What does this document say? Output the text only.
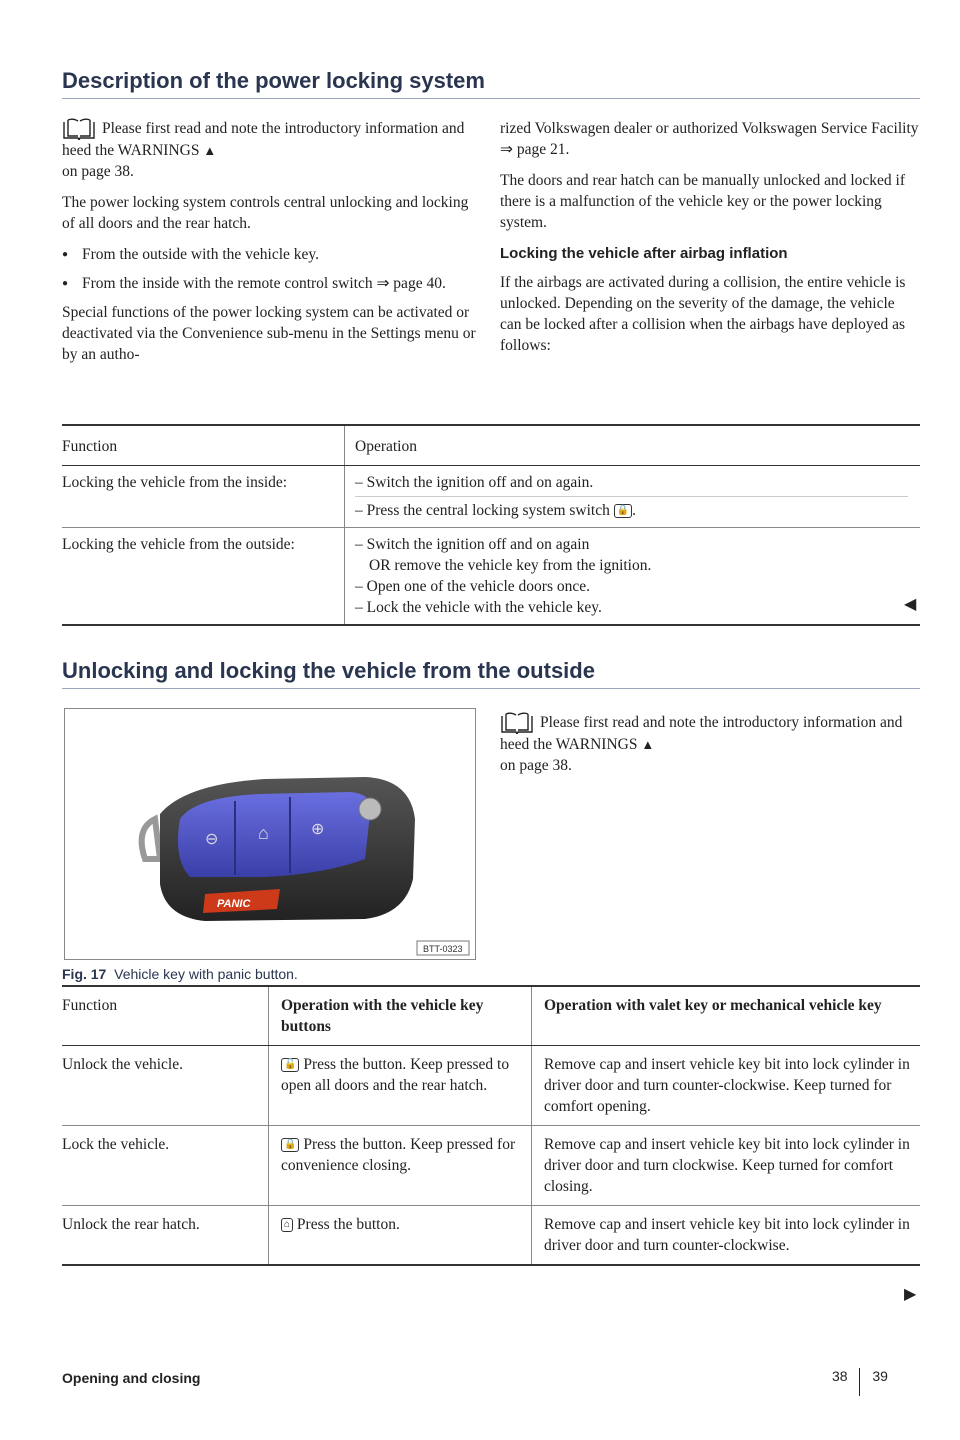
Description of the power locking system

Please first read and note the introductory information and heed the WARNINGS ▲
on page 38.

The power locking system controls central unlocking and locking of all doors and the rear hatch.

● From the outside with the vehicle key.
● From the inside with the remote control switch ⇒ page 40.

Special functions of the power locking system can be activated or deactivated via the Convenience sub-menu in the Settings menu or by an autho-

rized Volkswagen dealer or authorized Volkswagen Service Facility ⇒ page 21.

The doors and rear hatch can be manually unlocked and locked if there is a malfunction of the vehicle key or the power locking system.

Locking the vehicle after airbag inflation

If the airbags are activated during a collision, the entire vehicle is unlocked. Depending on the severity of the damage, the vehicle can be locked after a collision when the airbags have deployed as follows:

Function	Operation
Locking the vehicle from the inside:	– Switch the ignition off and on again.
– Press the central locking system switch 🔒 .

Locking the vehicle from the outside:	– Switch the ignition off and on again
OR remove the vehicle key from the ignition.
– Open one of the vehicle doors once.
– Lock the vehicle with the vehicle key.	◀
Unlocking and locking the vehicle from the outside
⊖ ⌂	⊕
PANIC
BTT-0323
Fig. 17 Vehicle key with panic button.

Please first read and note the introductory information and heed the WARNINGS ▲
on page 38.

Function	Operation with the vehicle key buttons	Operation with valet key or mechanical vehicle key
Unlock the vehicle.	🔓 Press the button. Keep pressed to open all doors and the rear hatch.	Remove cap and insert vehicle key bit into lock cylinder in driver door and turn counter-clockwise. Keep turned for comfort opening.
Lock the vehicle.	🔒 Press the button. Keep pressed for convenience closing.	Remove cap and insert vehicle key bit into lock cylinder in driver door and turn clockwise. Keep turned for comfort closing.
Unlock the rear hatch.	⌂ Press the button.	Remove cap and insert vehicle key bit into lock cylinder in driver door and turn counter-clockwise.
▶
Opening and closing	38 39
